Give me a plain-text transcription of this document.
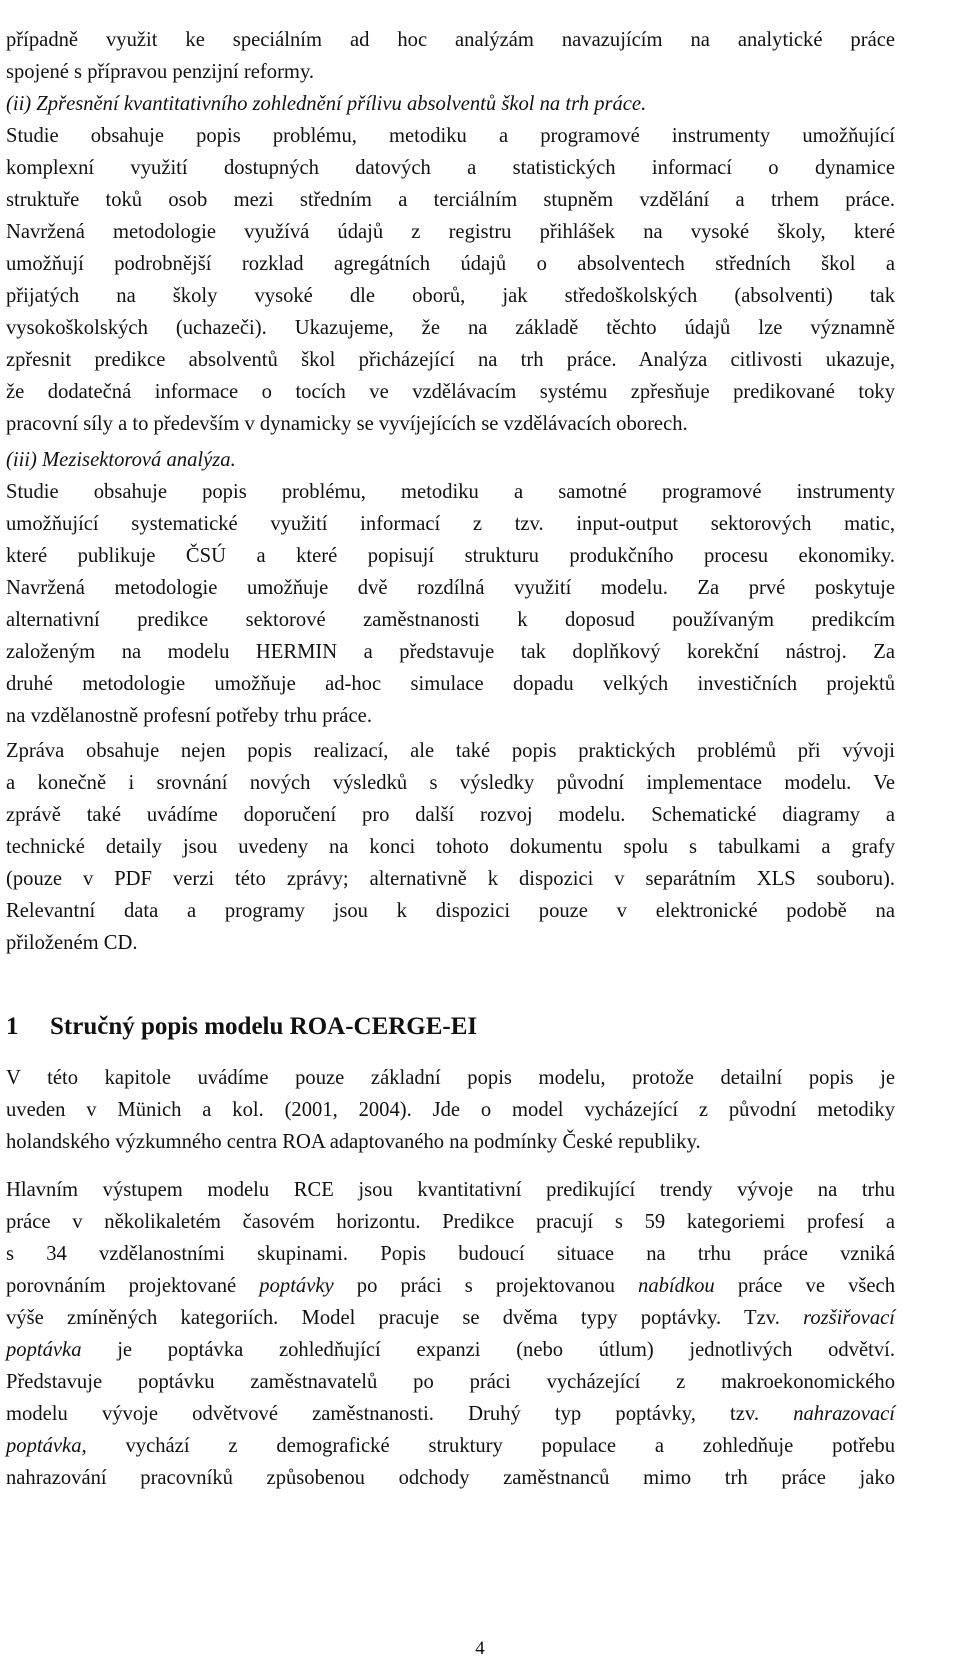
případně využit ke speciálním ad hoc analýzám navazujícím na analytické práce
spojené s přípravou penzijní reformy.
(ii) Zpřesnění kvantitativního zohlednění přílivu absolventů škol na trh práce.
Studie obsahuje popis problému, metodiku a programové instrumenty umožňující
komplexní využití dostupných datových a statistických informací o dynamice
struktuře toků osob mezi středním a terciálním stupněm vzdělání a trhem práce.
Navržená metodologie využívá údajů z registru přihlášek na vysoké školy, které
umožňují podrobnější rozklad agregátních údajů o absolventech středních škol a
přijatých na školy vysoké dle oborů, jak středoškolských (absolventi) tak
vysokoškolských (uchazeči). Ukazujeme, že na základě těchto údajů lze významně
zpřesnit predikce absolventů škol přicházející na trh práce. Analýza citlivosti ukazuje,
že dodatečná informace o tocích ve vzdělávacím systému zpřesňuje predikované toky
pracovní síly a to především v dynamicky se vyvíjejících se vzdělávacích oborech.
(iii) Mezisektorová analýza.
Studie obsahuje popis problému, metodiku a samotné programové instrumenty
umožňující systematické využití informací z tzv. input-output sektorových matic,
které publikuje ČSÚ a které popisují strukturu produkčního procesu ekonomiky.
Navržená metodologie umožňuje dvě rozdílná využití modelu. Za prvé poskytuje
alternativní predikce sektorové zaměstnanosti k doposud používaným predikcím
založeným na modelu HERMIN a představuje tak doplňkový korekční nástroj. Za
druhé metodologie umožňuje ad-hoc simulace dopadu velkých investičních projektů
na vzdělanostně profesní potřeby trhu práce.
Zpráva obsahuje nejen popis realizací, ale také popis praktických problémů při vývoji
a konečně i srovnání nových výsledků s výsledky původní implementace modelu. Ve
zprávě také uvádíme doporučení pro další rozvoj modelu. Schematické diagramy a
technické detaily jsou uvedeny na konci tohoto dokumentu spolu s tabulkami a grafy
(pouze v PDF verzi této zprávy; alternativně k dispozici v separátním XLS souboru).
Relevantní data a programy jsou k dispozici pouze v elektronické podobě na
přiloženém CD.
1 Stručný popis modelu ROA-CERGE-EI
V této kapitole uvádíme pouze základní popis modelu, protože detailní popis je
uveden v Münich a kol. (2001, 2004). Jde o model vycházející z původní metodiky
holandského výzkumného centra ROA adaptovaného na podmínky České republiky.
Hlavním výstupem modelu RCE jsou kvantitativní predikující trendy vývoje na trhu
práce v několikaletém časovém horizontu. Predikce pracují s 59 kategoriemi profesí a
s 34 vzdělanostními skupinami. Popis budoucí situace na trhu práce vzniká
porovnáním projektované poptávky po práci s projektovanou nabídkou práce ve všech
výše zmíněných kategoriích. Model pracuje se dvěma typy poptávky. Tzv. rozšiřovací
poptávka je poptávka zohledňující expanzi (nebo útlum) jednotlivých odvětví.
Představuje poptávku zaměstnavatelů po práci vycházející z makroekonomického
modelu vývoje odvětvové zaměstnanosti. Druhý typ poptávky, tzv. nahrazovací
poptávka, vychází z demografické struktury populace a zohledňuje potřebu
nahrazování pracovníků způsobenou odchody zaměstnanců mimo trh práce jako
4
